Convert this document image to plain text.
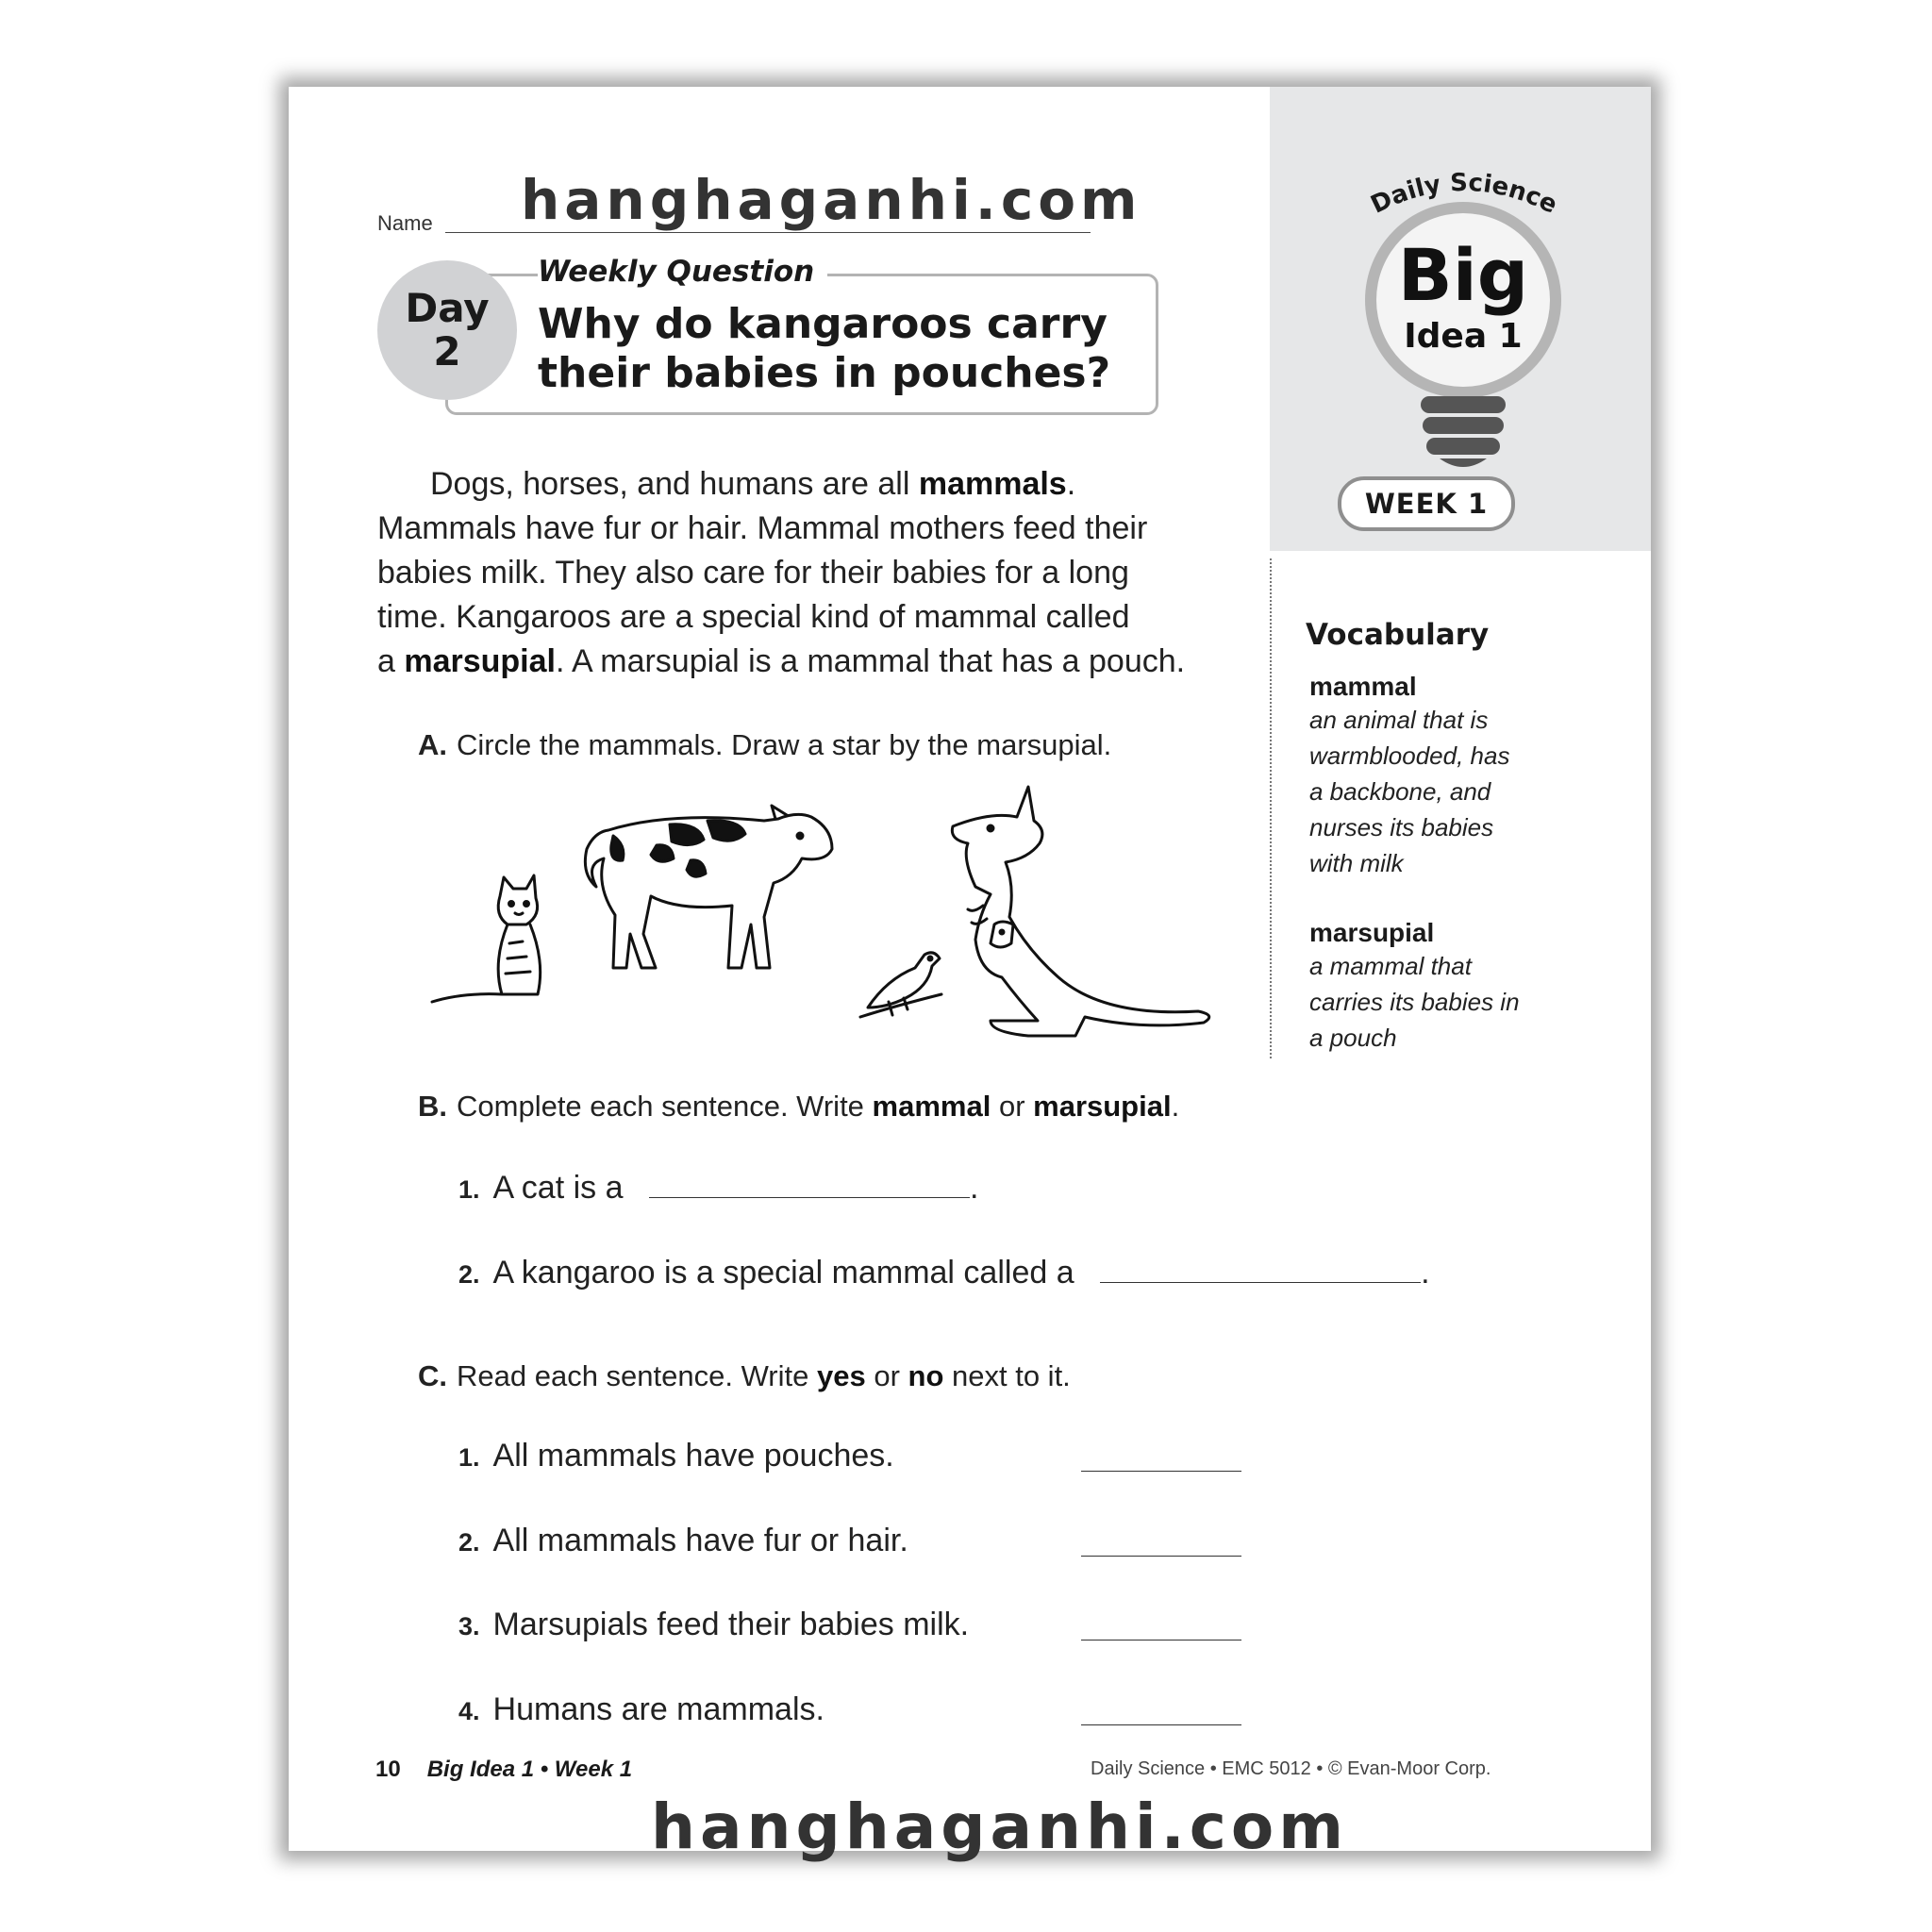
Name hanghaganhi.com
Weekly Question
Day
2
Why do kangaroos carry
their babies in pouches?
Daily Science
Big
Idea 1
WEEK 1
Dogs, horses, and humans are all mammals.
Mammals have fur or hair. Mammal mothers feed their
babies milk. They also care for their babies for a long
time. Kangaroos are a special kind of mammal called
a marsupial. A marsupial is a mammal that has a pouch.
A. Circle the mammals. Draw a star by the marsupial.
B. Complete each sentence. Write mammal or marsupial.
1. A cat is a	.
2. A kangaroo is a special mammal called a	.
C. Read each sentence. Write yes or no next to it.
1. All mammals have pouches.
2. All mammals have fur or hair.
3. Marsupials feed their babies milk.
4. Humans are mammals.
Vocabulary
mammal
an animal that is warmblooded, has a backbone, and nurses its babies with milk
marsupial
a mammal that carries its babies in a pouch
10 Big Idea 1 • Week 1	Daily Science • EMC 5012 • © Evan-Moor Corp.
hanghaganhi.com
